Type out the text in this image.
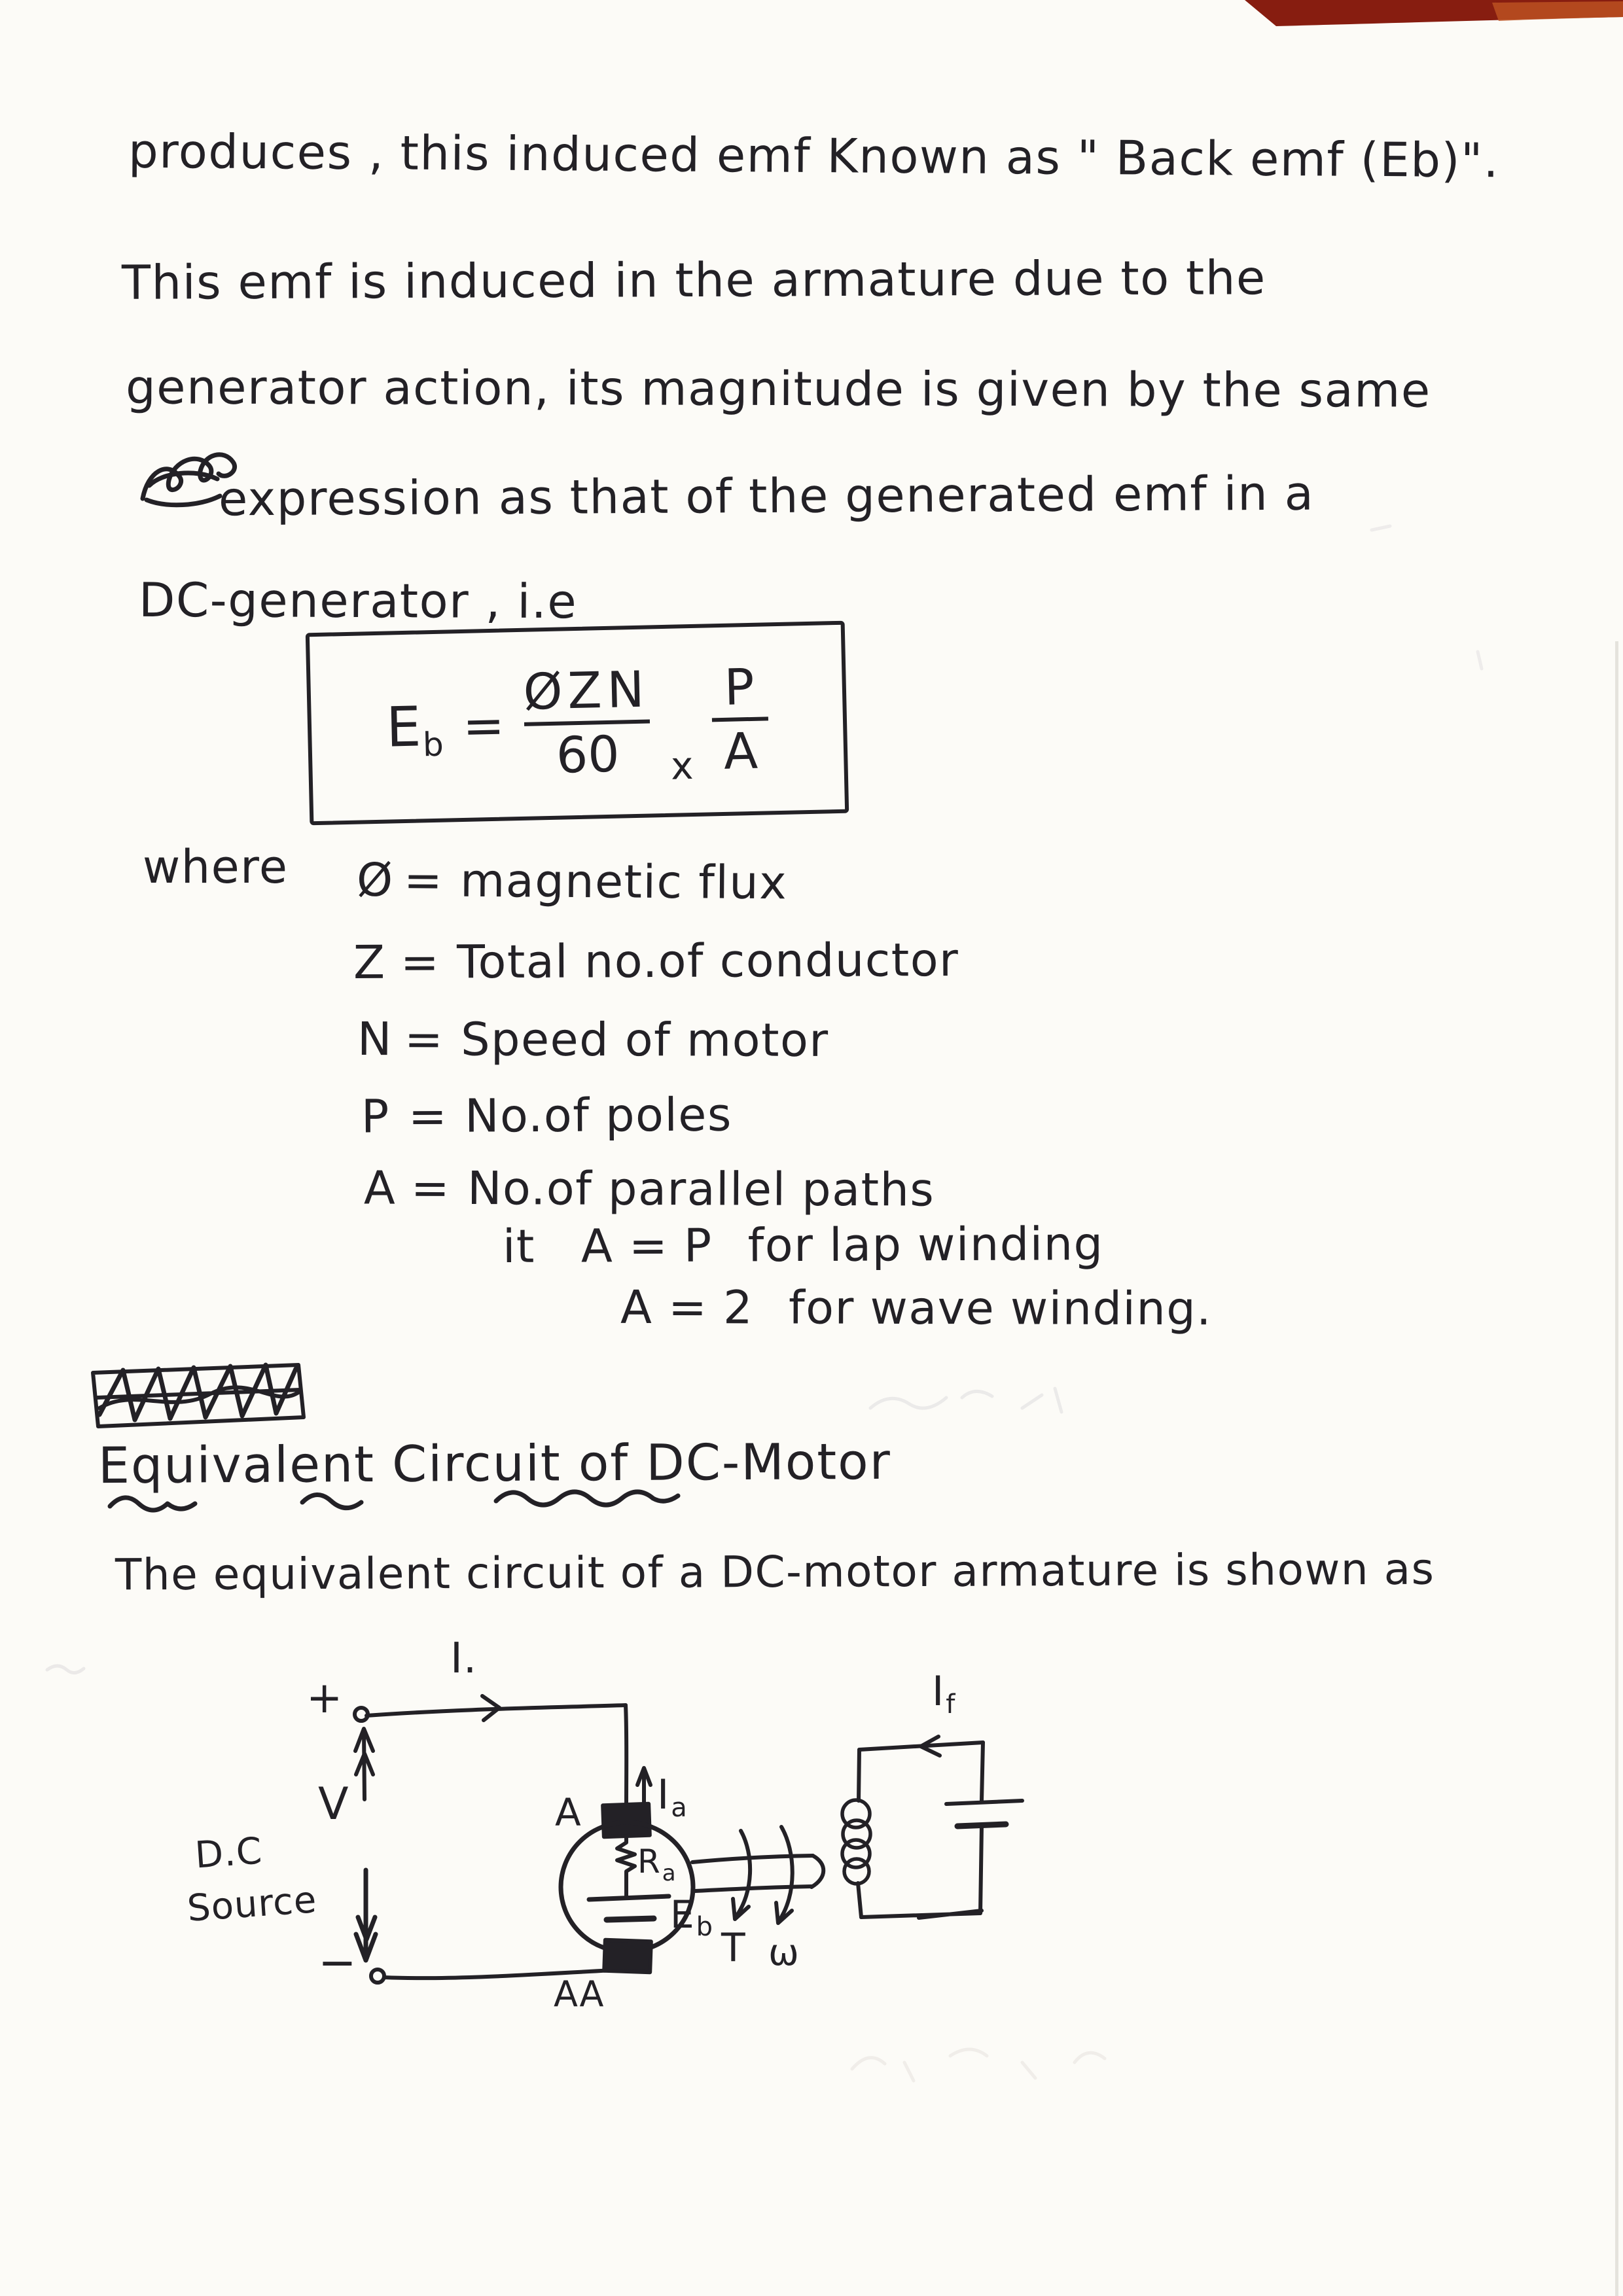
produces , this induced emf Known as " Back emf (Eb)".
This emf is induced in the armature due to the
generator action, its magnitude is given by the same
expression as that of the generated emf in a
DC-generator , i.e
Eb =
ØZN
60 x
P
A
where Ø = magnetic flux
Z = Total no.of conductor
N = Speed of motor
P = No.of poles
A = No.of parallel paths
it A = P for lap winding
A = 2 for wave winding.
Equivalent Circuit of DC-Motor
The equivalent circuit of a DC-motor armature is shown as
I.
+
V
D.C
Source
−
A Ia
Ra
Eb
AA
T ω
If
